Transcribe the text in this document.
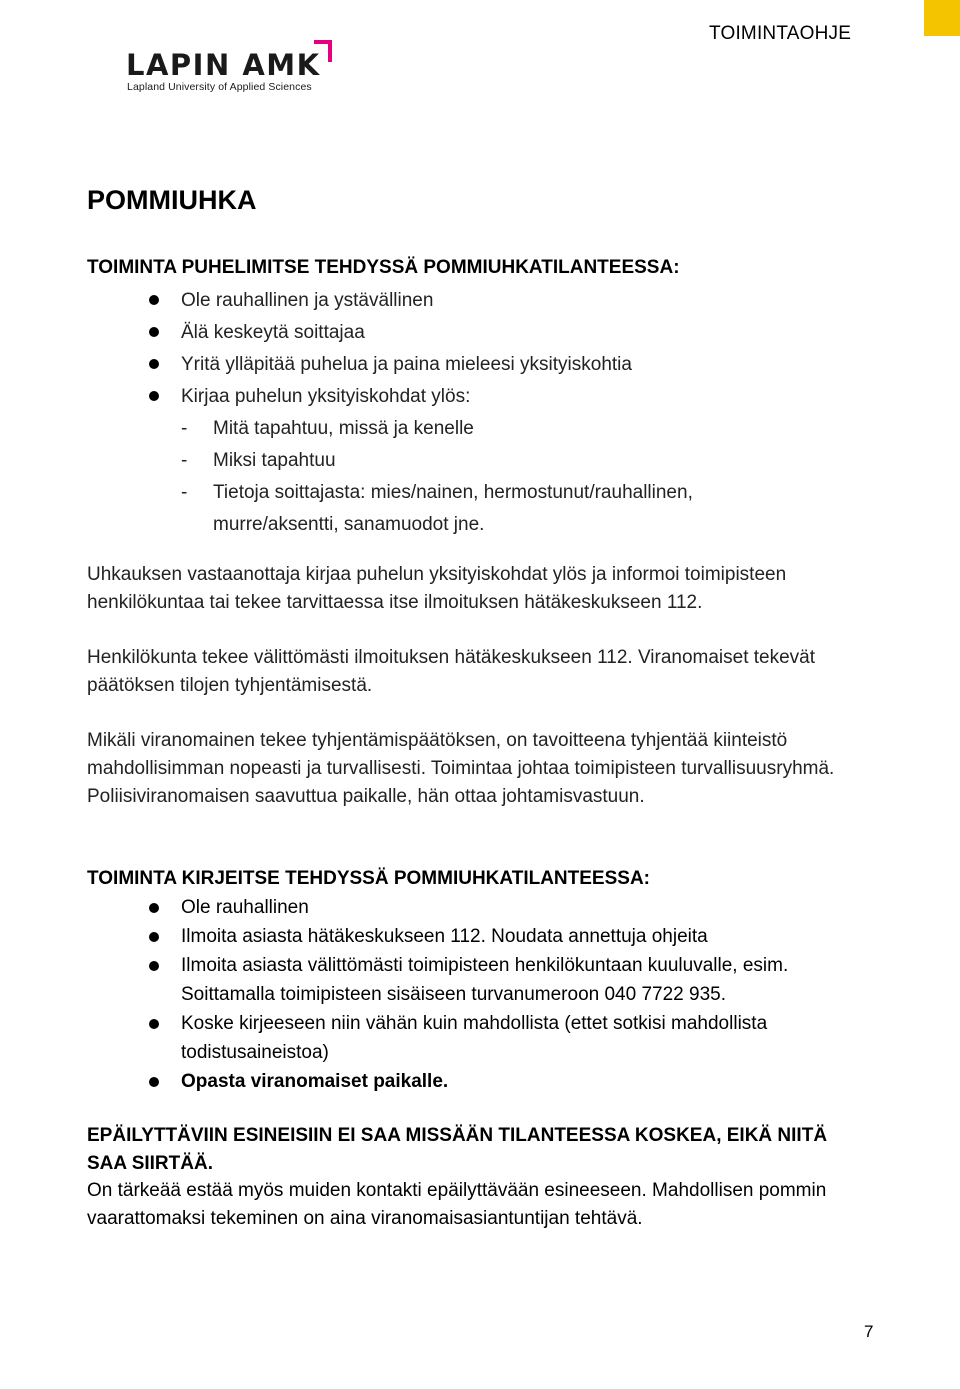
TOIMINTAOHJE
LAPIN AMK
Lapland University of Applied Sciences
POMMIUHKA
TOIMINTA PUHELIMITSE TEHDYSSÄ POMMIUHKATILANTEESSA:
Ole rauhallinen ja ystävällinen
Älä keskeytä soittajaa
Yritä ylläpitää puhelua ja paina mieleesi yksityiskohtia
Kirjaa puhelun yksityiskohdat ylös:
- Mitä tapahtuu, missä ja kenelle
- Miksi tapahtuu
- Tietoja soittajasta: mies/nainen, hermostunut/rauhallinen, murre/aksentti, sanamuodot jne.

Uhkauksen vastaanottaja kirjaa puhelun yksityiskohdat ylös ja informoi toimipisteen henkilökuntaa tai tekee tarvittaessa itse ilmoituksen hätäkeskukseen 112.

Henkilökunta tekee välittömästi ilmoituksen hätäkeskukseen 112. Viranomaiset tekevät päätöksen tilojen tyhjentämisestä.

Mikäli viranomainen tekee tyhjentämispäätöksen, on tavoitteena tyhjentää kiinteistö mahdollisimman nopeasti ja turvallisesti. Toimintaa johtaa toimipisteen turvallisuusryhmä. Poliisiviranomaisen saavuttua paikalle, hän ottaa johtamisvastuun.

TOIMINTA KIRJEITSE TEHDYSSÄ POMMIUHKATILANTEESSA:
Ole rauhallinen
Ilmoita asiasta hätäkeskukseen 112. Noudata annettuja ohjeita
Ilmoita asiasta välittömästi toimipisteen henkilökuntaan kuuluvalle, esim. Soittamalla toimipisteen sisäiseen turvanumeroon 040 7722 935.
Koske kirjeeseen niin vähän kuin mahdollista (ettet sotkisi mahdollista todistusaineistoa)
Opasta viranomaiset paikalle.
EPÄILYTTÄVIIN ESINEISIIN EI SAA MISSÄÄN TILANTEESSA KOSKEA, EIKÄ NIITÄ SAA SIIRTÄÄ.

On tärkeää estää myös muiden kontakti epäilyttävään esineeseen. Mahdollisen pommin vaarattomaksi tekeminen on aina viranomaisasiantuntijan tehtävä.

7
